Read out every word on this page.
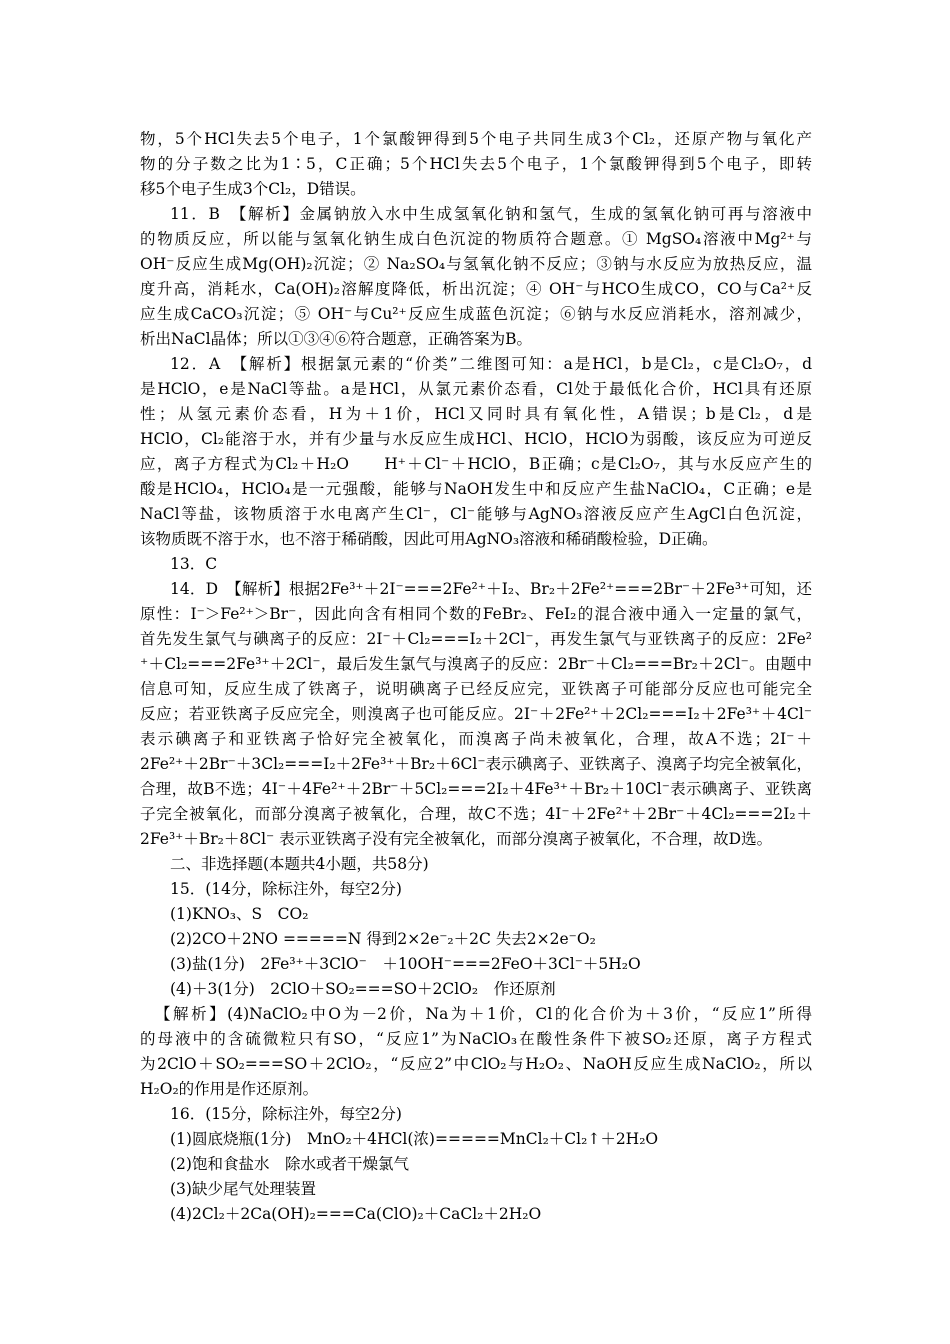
物，5个HCl失去5个电子，1个氯酸钾得到5个电子共同生成3个Cl₂，还原产物与氧化产
物的分子数之比为1∶5，C正确；5个HCl失去5个电子，1个氯酸钾得到5个电子，即转
移5个电子生成3个Cl₂，D错误。
11．B　【解析】金属钠放入水中生成氢氧化钠和氢气，生成的氢氧化钠可再与溶液中
的物质反应，所以能与氢氧化钠生成白色沉淀的物质符合题意。① MgSO₄溶液中Mg²⁺与
OH⁻反应生成Mg(OH)₂沉淀；② Na₂SO₄与氢氧化钠不反应；③钠与水反应为放热反应，温
度升高，消耗水，Ca(OH)₂溶解度降低，析出沉淀；④ OH⁻与HCO生成CO，CO与Ca²⁺反
应生成CaCO₃沉淀；⑤ OH⁻与Cu²⁺反应生成蓝色沉淀；⑥钠与水反应消耗水，溶剂减少，
析出NaCl晶体；所以①③④⑥符合题意，正确答案为B。
12．A　【解析】根据氯元素的“价类”二维图可知：a是HCl，b是Cl₂，c是Cl₂O₇，d
是HClO，e是NaCl等盐。a是HCl，从氯元素价态看，Cl处于最低化合价，HCl具有还原
性；从氢元素价态看，H为＋1价，HCl又同时具有氧化性，A错误；b是Cl₂，d是
HClO，Cl₂能溶于水，并有少量与水反应生成HCl、HClO，HClO为弱酸，该反应为可逆反
应，离子方程式为Cl₂＋H₂O　　H⁺＋Cl⁻＋HClO，B正确；c是Cl₂O₇，其与水反应产生的
酸是HClO₄，HClO₄是一元强酸，能够与NaOH发生中和反应产生盐NaClO₄，C正确；e是
NaCl等盐，该物质溶于水电离产生Cl⁻，Cl⁻能够与AgNO₃溶液反应产生AgCl白色沉淀，
该物质既不溶于水，也不溶于稀硝酸，因此可用AgNO₃溶液和稀硝酸检验，D正确。
13．C
14．D　【解析】根据2Fe³⁺＋2I⁻===2Fe²⁺＋I₂、Br₂＋2Fe²⁺===2Br⁻＋2Fe³⁺可知，还
原性：I⁻＞Fe²⁺＞Br⁻，因此向含有相同个数的FeBr₂、FeI₂的混合液中通入一定量的氯气，
首先发生氯气与碘离子的反应：2I⁻＋Cl₂===I₂＋2Cl⁻，再发生氯气与亚铁离子的反应：2Fe²
⁺＋Cl₂===2Fe³⁺＋2Cl⁻，最后发生氯气与溴离子的反应：2Br⁻＋Cl₂===Br₂＋2Cl⁻。由题中
信息可知，反应生成了铁离子，说明碘离子已经反应完，亚铁离子可能部分反应也可能完全
反应；若亚铁离子反应完全，则溴离子也可能反应。2I⁻＋2Fe²⁺＋2Cl₂===I₂＋2Fe³⁺＋4Cl⁻
表示碘离子和亚铁离子恰好完全被氧化，而溴离子尚未被氧化，合理，故A不选；2I⁻＋
2Fe²⁺＋2Br⁻＋3Cl₂===I₂＋2Fe³⁺＋Br₂＋6Cl⁻表示碘离子、亚铁离子、溴离子均完全被氧化，
合理，故B不选；4I⁻＋4Fe²⁺＋2Br⁻＋5Cl₂===2I₂＋4Fe³⁺＋Br₂＋10Cl⁻表示碘离子、亚铁离
子完全被氧化，而部分溴离子被氧化，合理，故C不选；4I⁻＋2Fe²⁺＋2Br⁻＋4Cl₂===2I₂＋
2Fe³⁺＋Br₂＋8Cl⁻ 表示亚铁离子没有完全被氧化，而部分溴离子被氧化，不合理，故D选。
二、非选择题(本题共4小题，共58分)
15．(14分，除标注外，每空2分)
(1)KNO₃、S　CO₂
(2)2CO＋2NO =====N 得到2×2e⁻₂＋2C 失去2×2e⁻O₂
(3)盐(1分)　2Fe³⁺＋3ClO⁻　＋10OH⁻===2FeO＋3Cl⁻＋5H₂O
(4)＋3(1分)　2ClO＋SO₂===SO＋2ClO₂　作还原剂
【解析】(4)NaClO₂中O为－2价，Na为＋1价，Cl的化合价为＋3价，“反应1”所得
的母液中的含硫微粒只有SO，“反应1”为NaClO₃在酸性条件下被SO₂还原，离子方程式
为2ClO＋SO₂===SO＋2ClO₂，“反应2”中ClO₂与H₂O₂、NaOH反应生成NaClO₂，所以
H₂O₂的作用是作还原剂。
16．(15分，除标注外，每空2分)
(1)圆底烧瓶(1分)　MnO₂＋4HCl(浓)=====MnCl₂＋Cl₂↑＋2H₂O
(2)饱和食盐水　除水或者干燥氯气
(3)缺少尾气处理装置
(4)2Cl₂＋2Ca(OH)₂===Ca(ClO)₂＋CaCl₂＋2H₂O
